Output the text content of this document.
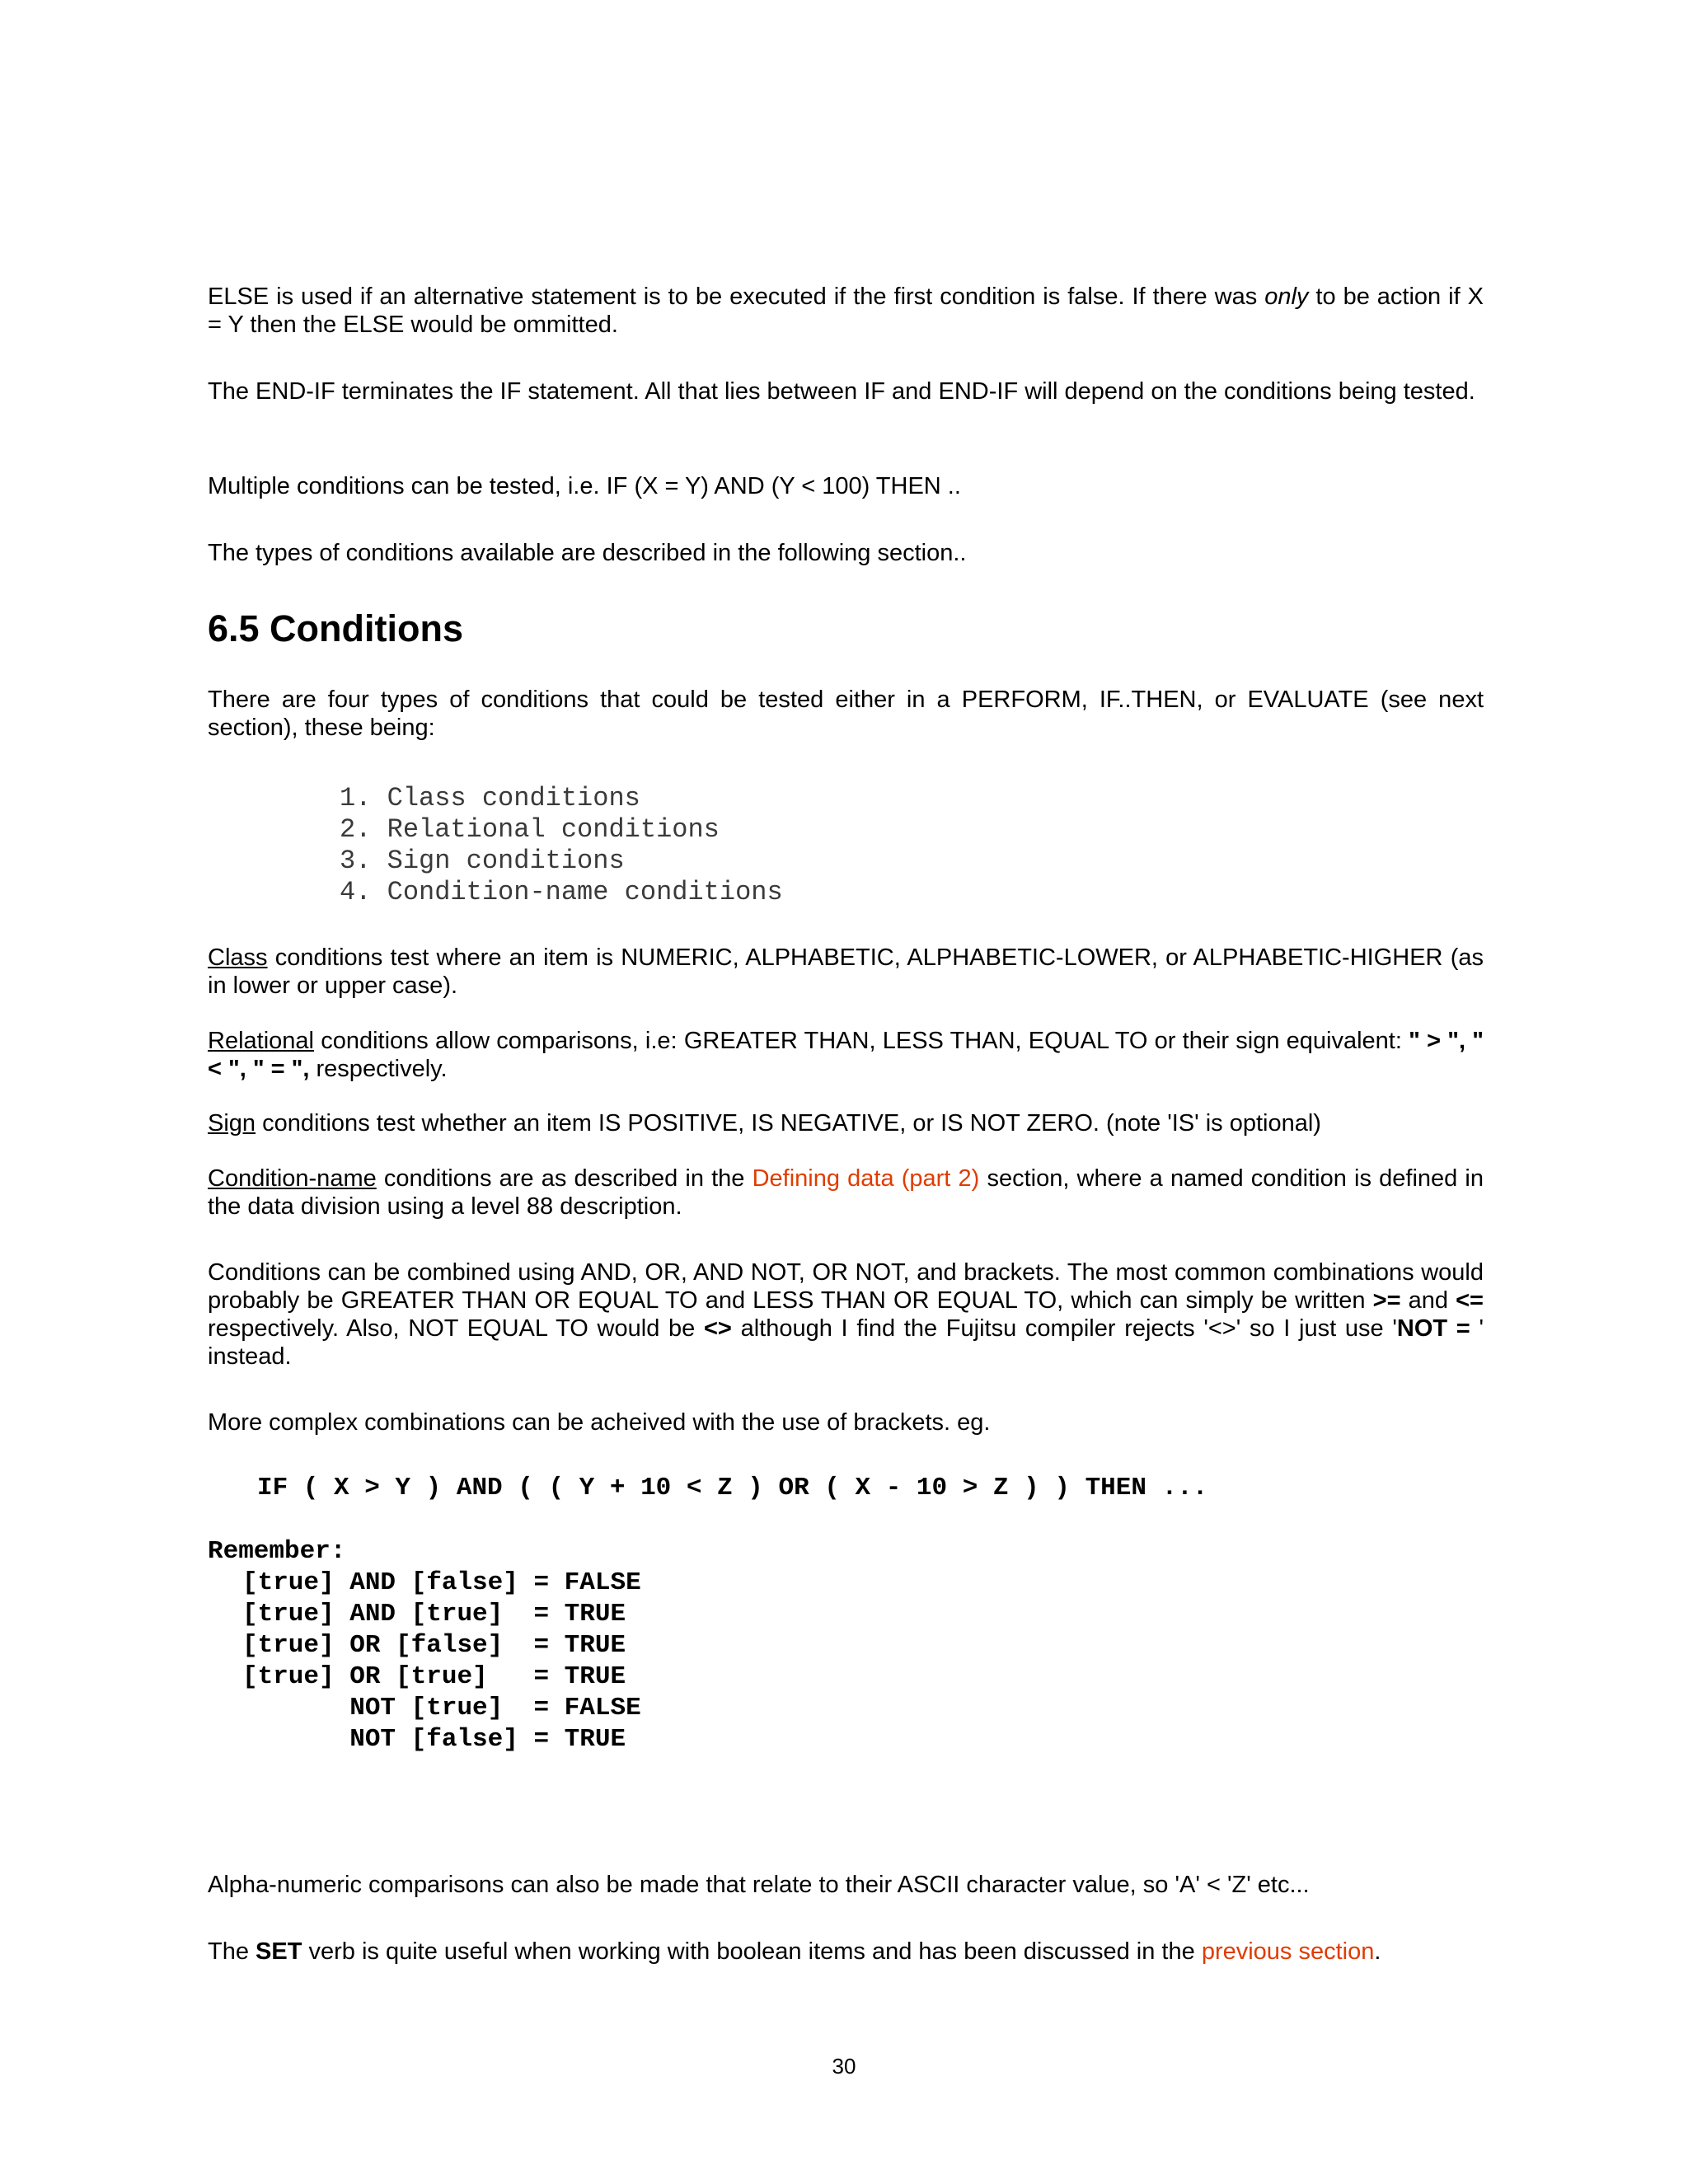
ELSE is used if an alternative statement is to be executed if the first condition is false. If there was only to be action if X = Y then the ELSE would be ommitted.

The END-IF terminates the IF statement. All that lies between IF and END-IF will depend on the conditions being tested.

Multiple conditions can be tested, i.e. IF (X = Y) AND (Y < 100) THEN ..

The types of conditions available are described in the following section..

6.5 Conditions

There are four types of conditions that could be tested either in a PERFORM, IF..THEN, or EVALUATE (see next section), these being:

1. Class conditions
2. Relational conditions
3. Sign conditions
4. Condition-name conditions

Class conditions test where an item is NUMERIC, ALPHABETIC, ALPHABETIC-LOWER, or ALPHABETIC-HIGHER (as in lower or upper case).

Relational conditions allow comparisons, i.e: GREATER THAN, LESS THAN, EQUAL TO or their sign equivalent: " > ", " < ", " = ", respectively.

Sign conditions test whether an item IS POSITIVE, IS NEGATIVE, or IS NOT ZERO. (note 'IS' is optional)

Condition-name conditions are as described in the Defining data (part 2) section, where a named condition is defined in the data division using a level 88 description.

Conditions can be combined using AND, OR, AND NOT, OR NOT, and brackets. The most common combinations would probably be GREATER THAN OR EQUAL TO and LESS THAN OR EQUAL TO, which can simply be written >= and <= respectively. Also, NOT EQUAL TO would be <> although I find the Fujitsu compiler rejects '<>' so I just use 'NOT = ' instead.

More complex combinations can be acheived with the use of brackets. eg.

IF ( X > Y ) AND ( ( Y + 10 < Z ) OR ( X - 10 > Z ) ) THEN ...
Remember:
[true] AND [false] = FALSE
[true] AND [true]  = TRUE
[true] OR [false]  = TRUE
[true] OR [true]   = TRUE
NOT [true]  = FALSE
NOT [false] = TRUE

Alpha-numeric comparisons can also be made that relate to their ASCII character value, so 'A' < 'Z' etc...

The SET verb is quite useful when working with boolean items and has been discussed in the previous section.

30
